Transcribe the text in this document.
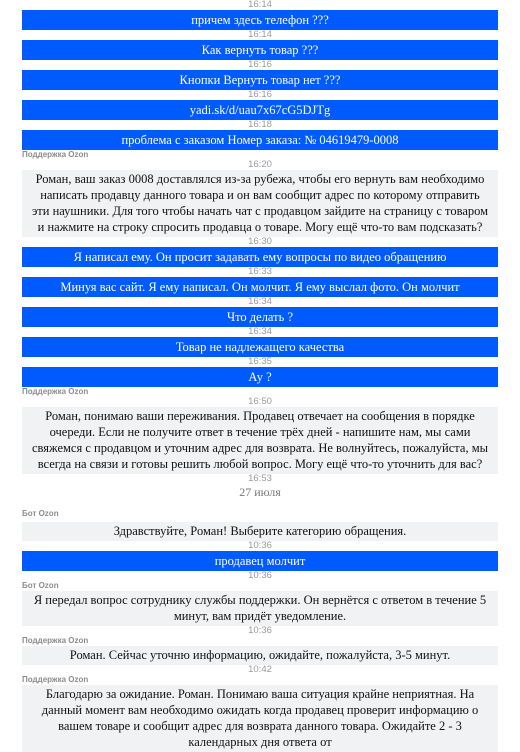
16:14
причем здесь телефон ???
16:14
Как вернуть товар ???
16:16
Кнопки Вернуть товар нет ???
16:16
yadi.sk/d/uau7x67cG5DJTg
16:18
проблема с заказом Номер заказа: № 04619479-0008
Поддержка Ozon
16:20
Роман, ваш заказ 0008 доставлялся из-за рубежа, чтобы его вернуть вам необходимо написать продавцу данного товара и он вам сообщит адрес по которому отправить эти наушники. Для того чтобы начать чат с продавцом зайдите на страницу с товаром и нажмите на строку спросить продавца о товаре. Могу ещё что-то вам подсказать?
16:30
Я написал ему. Он просит задавать ему вопросы по видео обращению
16:33
Минуя вас сайт. Я ему написал. Он молчит. Я ему выслал фото. Он молчит
16:34
Что делать ?
16:34
Товар не надлежащего качества
16:35
Ау ?
Поддержка Ozon
16:50
Роман, понимаю ваши переживания. Продавец отвечает на сообщения в порядке очереди. Если не получите ответ в течение трёх дней - напишите нам, мы сами свяжемся с продавцом и уточним адрес для возврата. Не волнуйтесь, пожалуйста, мы всегда на связи и готовы решить любой вопрос. Могу ещё что-то уточнить для вас?
16:53
27 июля
Бот Ozon
Здравствуйте, Роман! Выберите категорию обращения.
10:36
продавец молчит
10:36
Бот Ozon
Я передал вопрос сотруднику службы поддержки. Он вернётся с ответом в течение 5 минут, вам придёт уведомление.
10:36
Поддержка Ozon
Роман. Сейчас уточню информацию, ожидайте, пожалуйста, 3-5 минут.
10:42
Поддержка Ozon
Благодарю за ожидание. Роман. Понимаю ваша ситуация крайне неприятная. На данный момент вам необходимо ожидать когда продавец проверит информацию о вашем товаре и сообщит адрес для возврата данного товара. Ожидайте 2 - 3 календарных дня ответа от
